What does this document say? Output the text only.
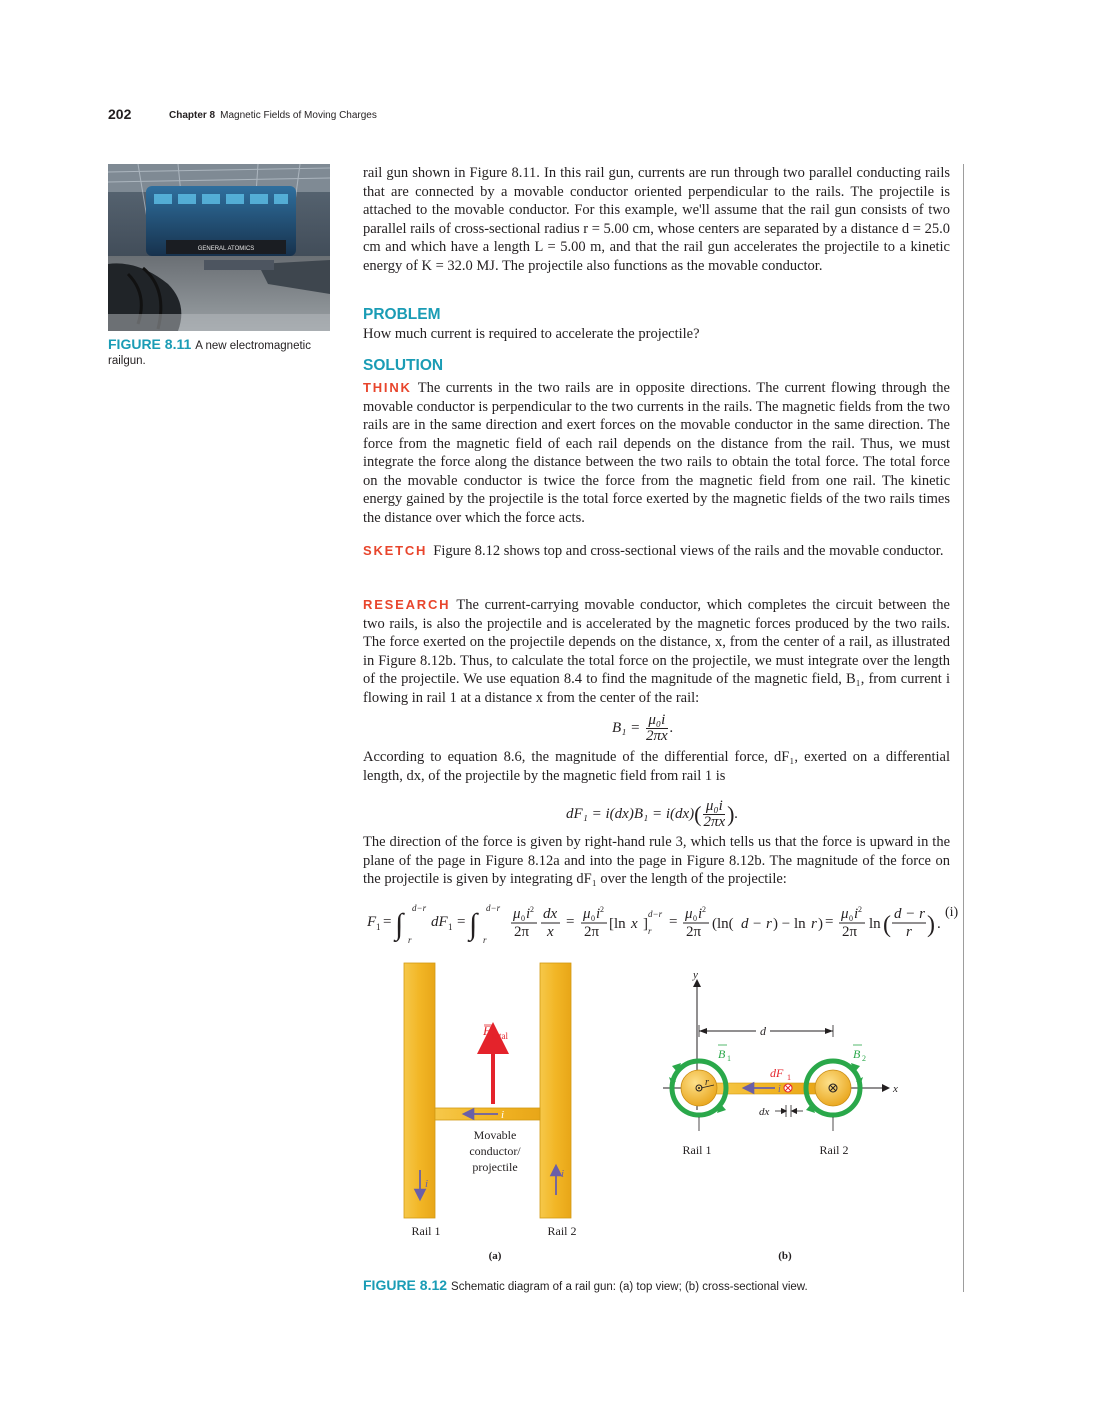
202	Chapter 8 Magnetic Fields of Moving Charges
GENERAL ATOMICS
FIGURE 8.11 A new electromagnetic railgun.

rail gun shown in Figure 8.11. In this rail gun, currents are run through two parallel conducting rails that are connected by a movable conductor oriented perpendicular to the rails. The projectile is attached to the movable conductor. For this example, we'll assume that the rail gun consists of two parallel rails of cross-sectional radius r = 5.00 cm, whose centers are separated by a distance d = 25.0 cm and which have a length L = 5.00 m, and that the rail gun accelerates the projectile to a kinetic energy of K = 32.0 MJ. The projectile also functions as the movable conductor.

PROBLEM

How much current is required to accelerate the projectile?

SOLUTION

THINK The currents in the two rails are in opposite directions. The current flowing through the movable conductor is perpendicular to the two currents in the rails. The magnetic fields from the two rails are in the same direction and exert forces on the movable conductor in the same direction. The force from the magnetic field of each rail depends on the distance from the rail. Thus, we must integrate the force along the distance between the two rails to obtain the total force. The total force on the movable conductor is twice the force from the magnetic field from one rail. The kinetic energy gained by the projectile is the total force exerted by the magnetic fields of the two rails times the distance over which the force acts.

SKETCH Figure 8.12 shows top and cross-sectional views of the rails and the movable conductor.

RESEARCH The current-carrying movable conductor, which completes the circuit between the two rails, is also the projectile and is accelerated by the magnetic forces produced by the two rails. The force exerted on the projectile depends on the distance, x, from the center of a rail, as illustrated in Figure 8.12b. Thus, to calculate the total force on the projectile, we must integrate over the length of the projectile. We use equation 8.4 to find the magnitude of the magnetic field, B₁, from current i flowing in rail 1 at a distance x from the center of the rail:

$B_1 = \frac{\text{μ₀i}}{2\pi x}$ .

According to equation 8.6, the magnitude of the differential force, dF₁, exerted on a differential length, dx, of the projectile by the magnetic field from rail 1 is

$dF_1 = i(dx)B_1 = i(dx)( \frac{\text{μ₀i}}{2\pi x}$ ).

The direction of the force is given by right-hand rule 3, which tells us that the force is upward in the plane of the page in Figure 8.12a and into the page in Figure 8.12b. The magnitude of the force on the projectile is given by integrating dF₁ over the length of the projectile:

F 1 = ∫ d−r
r
dF 1 = ∫ d−r
r
μ 0 i 2
2π
dx
x
= μ 0 i 2
2π [ln x ]
d−r
r
= μ 0 i 2
2π (ln( d − r ) − ln r ) = μ 0 i 2
2π ln ( d − r
r ) .
(i)
i
F total
i
i
Movable
conductor/
projectile
Rail 1	Rail 2
(a)
y
x
d
r
i
dF 1
B 1	B 2
dx
Rail 1	Rail 2
(b)
FIGURE 8.12 Schematic diagram of a rail gun: (a) top view; (b) cross-sectional view.
